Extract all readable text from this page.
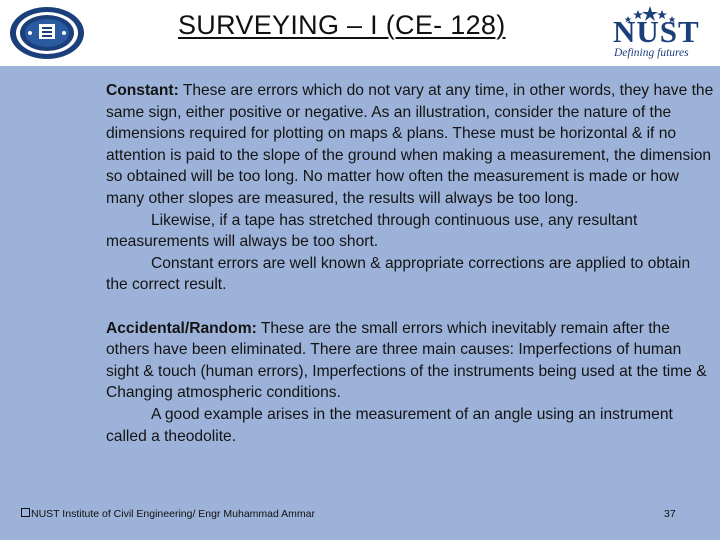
SURVEYING – I (CE- 128)	NUST
Defining futures

Constant: These are errors which do not vary at any time, in other words, they have the same sign, either positive or negative. As an illustration, consider the nature of the dimensions required for plotting on maps & plans. These must be horizontal & if no attention is paid to the slope of the ground when making a measurement, the dimension so obtained will be too long. No matter how often the measurement is made or how many other slopes are measured, the results will always be too long.

Likewise, if a tape has stretched through continuous use, any resultant measurements will always be too short.

Constant errors are well known & appropriate corrections are applied to obtain the correct result.

Accidental/Random: These are the small errors which inevitably remain after the others have been eliminated. There are three main causes: Imperfections of human sight & touch (human errors), Imperfections of the instruments being used at the time & Changing atmospheric conditions.

A good example arises in the measurement of an angle using an instrument called a theodolite.

NUST Institute of Civil Engineering/ Engr Muhammad Ammar	37
